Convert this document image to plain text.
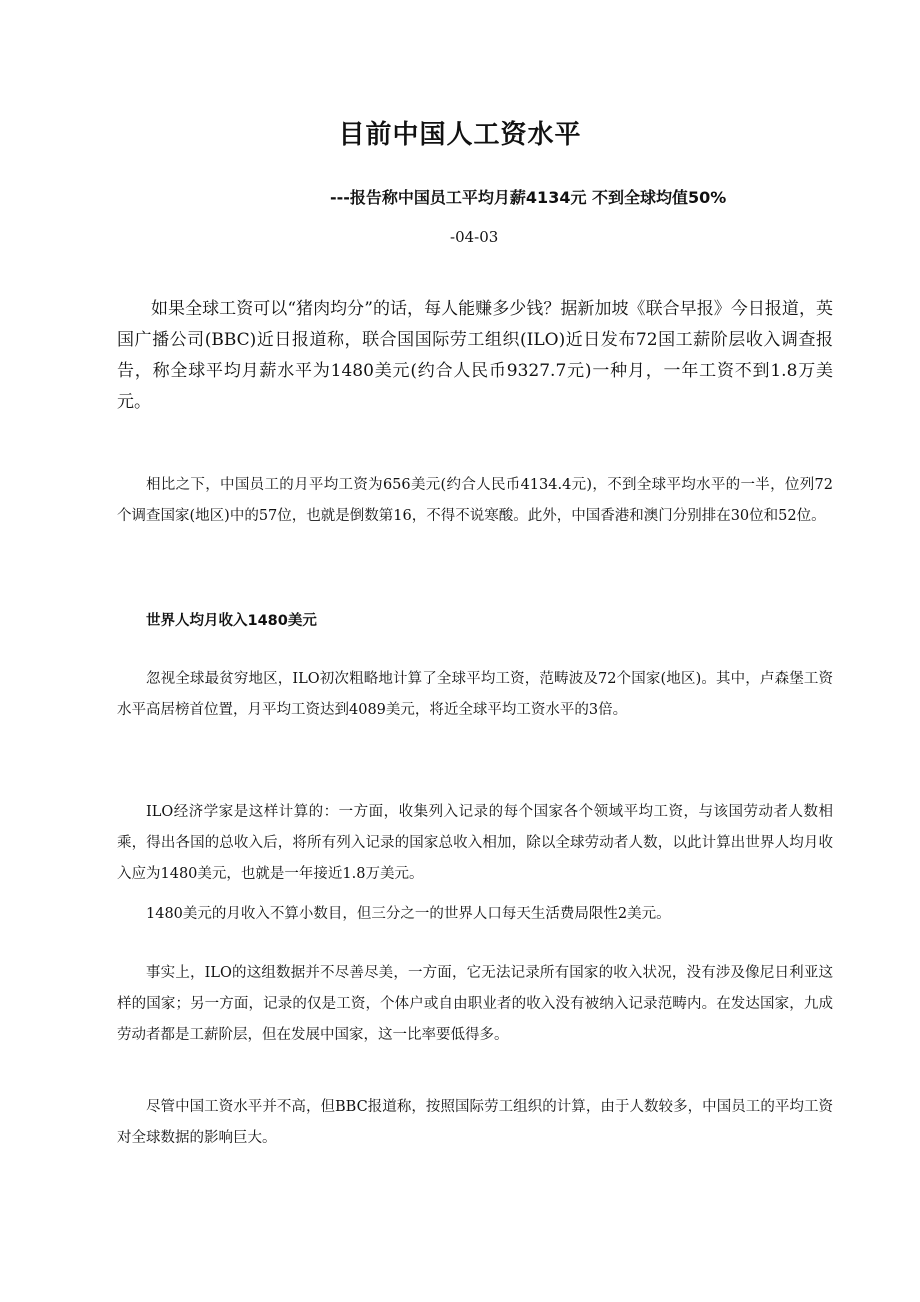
目前中国人工资水平
---报告称中国员工平均月薪4134元 不到全球均值50%
-04-03

如果全球工资可以“猪肉均分”的话，每人能赚多少钱？据新加坡《联合早报》今日报道，英国广播公司(BBC)近日报道称，联合国国际劳工组织(ILO)近日发布72国工薪阶层收入调查报告，称全球平均月薪水平为1480美元(约合人民币9327.7元)一种月，一年工资不到1.8万美元。

相比之下，中国员工的月平均工资为656美元(约合人民币4134.4元)，不到全球平均水平的一半，位列72个调查国家(地区)中的57位，也就是倒数第16，不得不说寒酸。此外，中国香港和澳门分别排在30位和52位。

世界人均月收入1480美元

忽视全球最贫穷地区，ILO初次粗略地计算了全球平均工资，范畴波及72个国家(地区)。其中，卢森堡工资水平高居榜首位置，月平均工资达到4089美元，将近全球平均工资水平的3倍。

ILO经济学家是这样计算的：一方面，收集列入记录的每个国家各个领域平均工资，与该国劳动者人数相乘，得出各国的总收入后，将所有列入记录的国家总收入相加，除以全球劳动者人数，以此计算出世界人均月收入应为1480美元，也就是一年接近1.8万美元。

1480美元的月收入不算小数目，但三分之一的世界人口每天生活费局限性2美元。

事实上，ILO的这组数据并不尽善尽美，一方面，它无法记录所有国家的收入状况，没有涉及像尼日利亚这样的国家；另一方面，记录的仅是工资，个体户或自由职业者的收入没有被纳入记录范畴内。在发达国家，九成劳动者都是工薪阶层，但在发展中国家，这一比率要低得多。

尽管中国工资水平并不高，但BBC报道称，按照国际劳工组织的计算，由于人数较多，中国员工的平均工资对全球数据的影响巨大。
